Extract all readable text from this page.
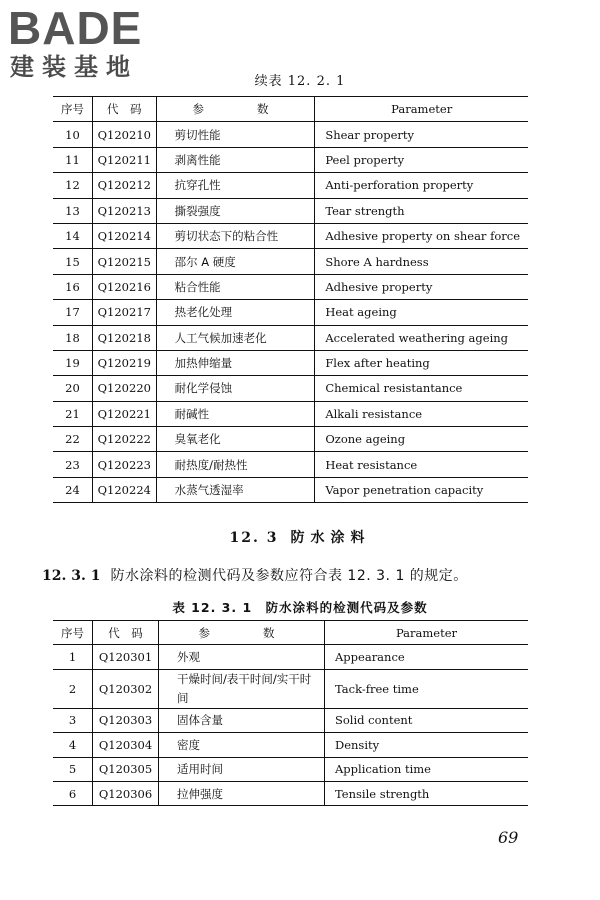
BADE
建装基地
续表 12. 2. 1
序号	代　码	参　　数	Parameter
10	Q120210	剪切性能	Shear property
11	Q120211	剥离性能	Peel property
12	Q120212	抗穿孔性	Anti-perforation property
13	Q120213	撕裂强度	Tear strength
14	Q120214	剪切状态下的粘合性	Adhesive property on shear force
15	Q120215	邵尔 A 硬度	Shore A hardness
16	Q120216	粘合性能	Adhesive property
17	Q120217	热老化处理	Heat ageing
18	Q120218	人工气候加速老化	Accelerated weathering ageing
19	Q120219	加热伸缩量	Flex after heating
20	Q120220	耐化学侵蚀	Chemical resistantance
21	Q120221	耐碱性	Alkali resistance
22	Q120222	臭氧老化	Ozone ageing
23	Q120223	耐热度/耐热性	Heat resistance
24	Q120224	水蒸气透湿率	Vapor penetration capacity
12. 3 防水涂料
12. 3. 1 防水涂料的检测代码及参数应符合表 12. 3. 1 的规定。
表 12. 3. 1　防水涂料的检测代码及参数
序号	代　码	参　　数	Parameter
1	Q120301	外观	Appearance
2	Q120302	干燥时间/表干时间/实干时间	Tack-free time
3	Q120303	固体含量	Solid content
4	Q120304	密度	Density
5	Q120305	适用时间	Application time
6	Q120306	拉伸强度	Tensile strength
69
